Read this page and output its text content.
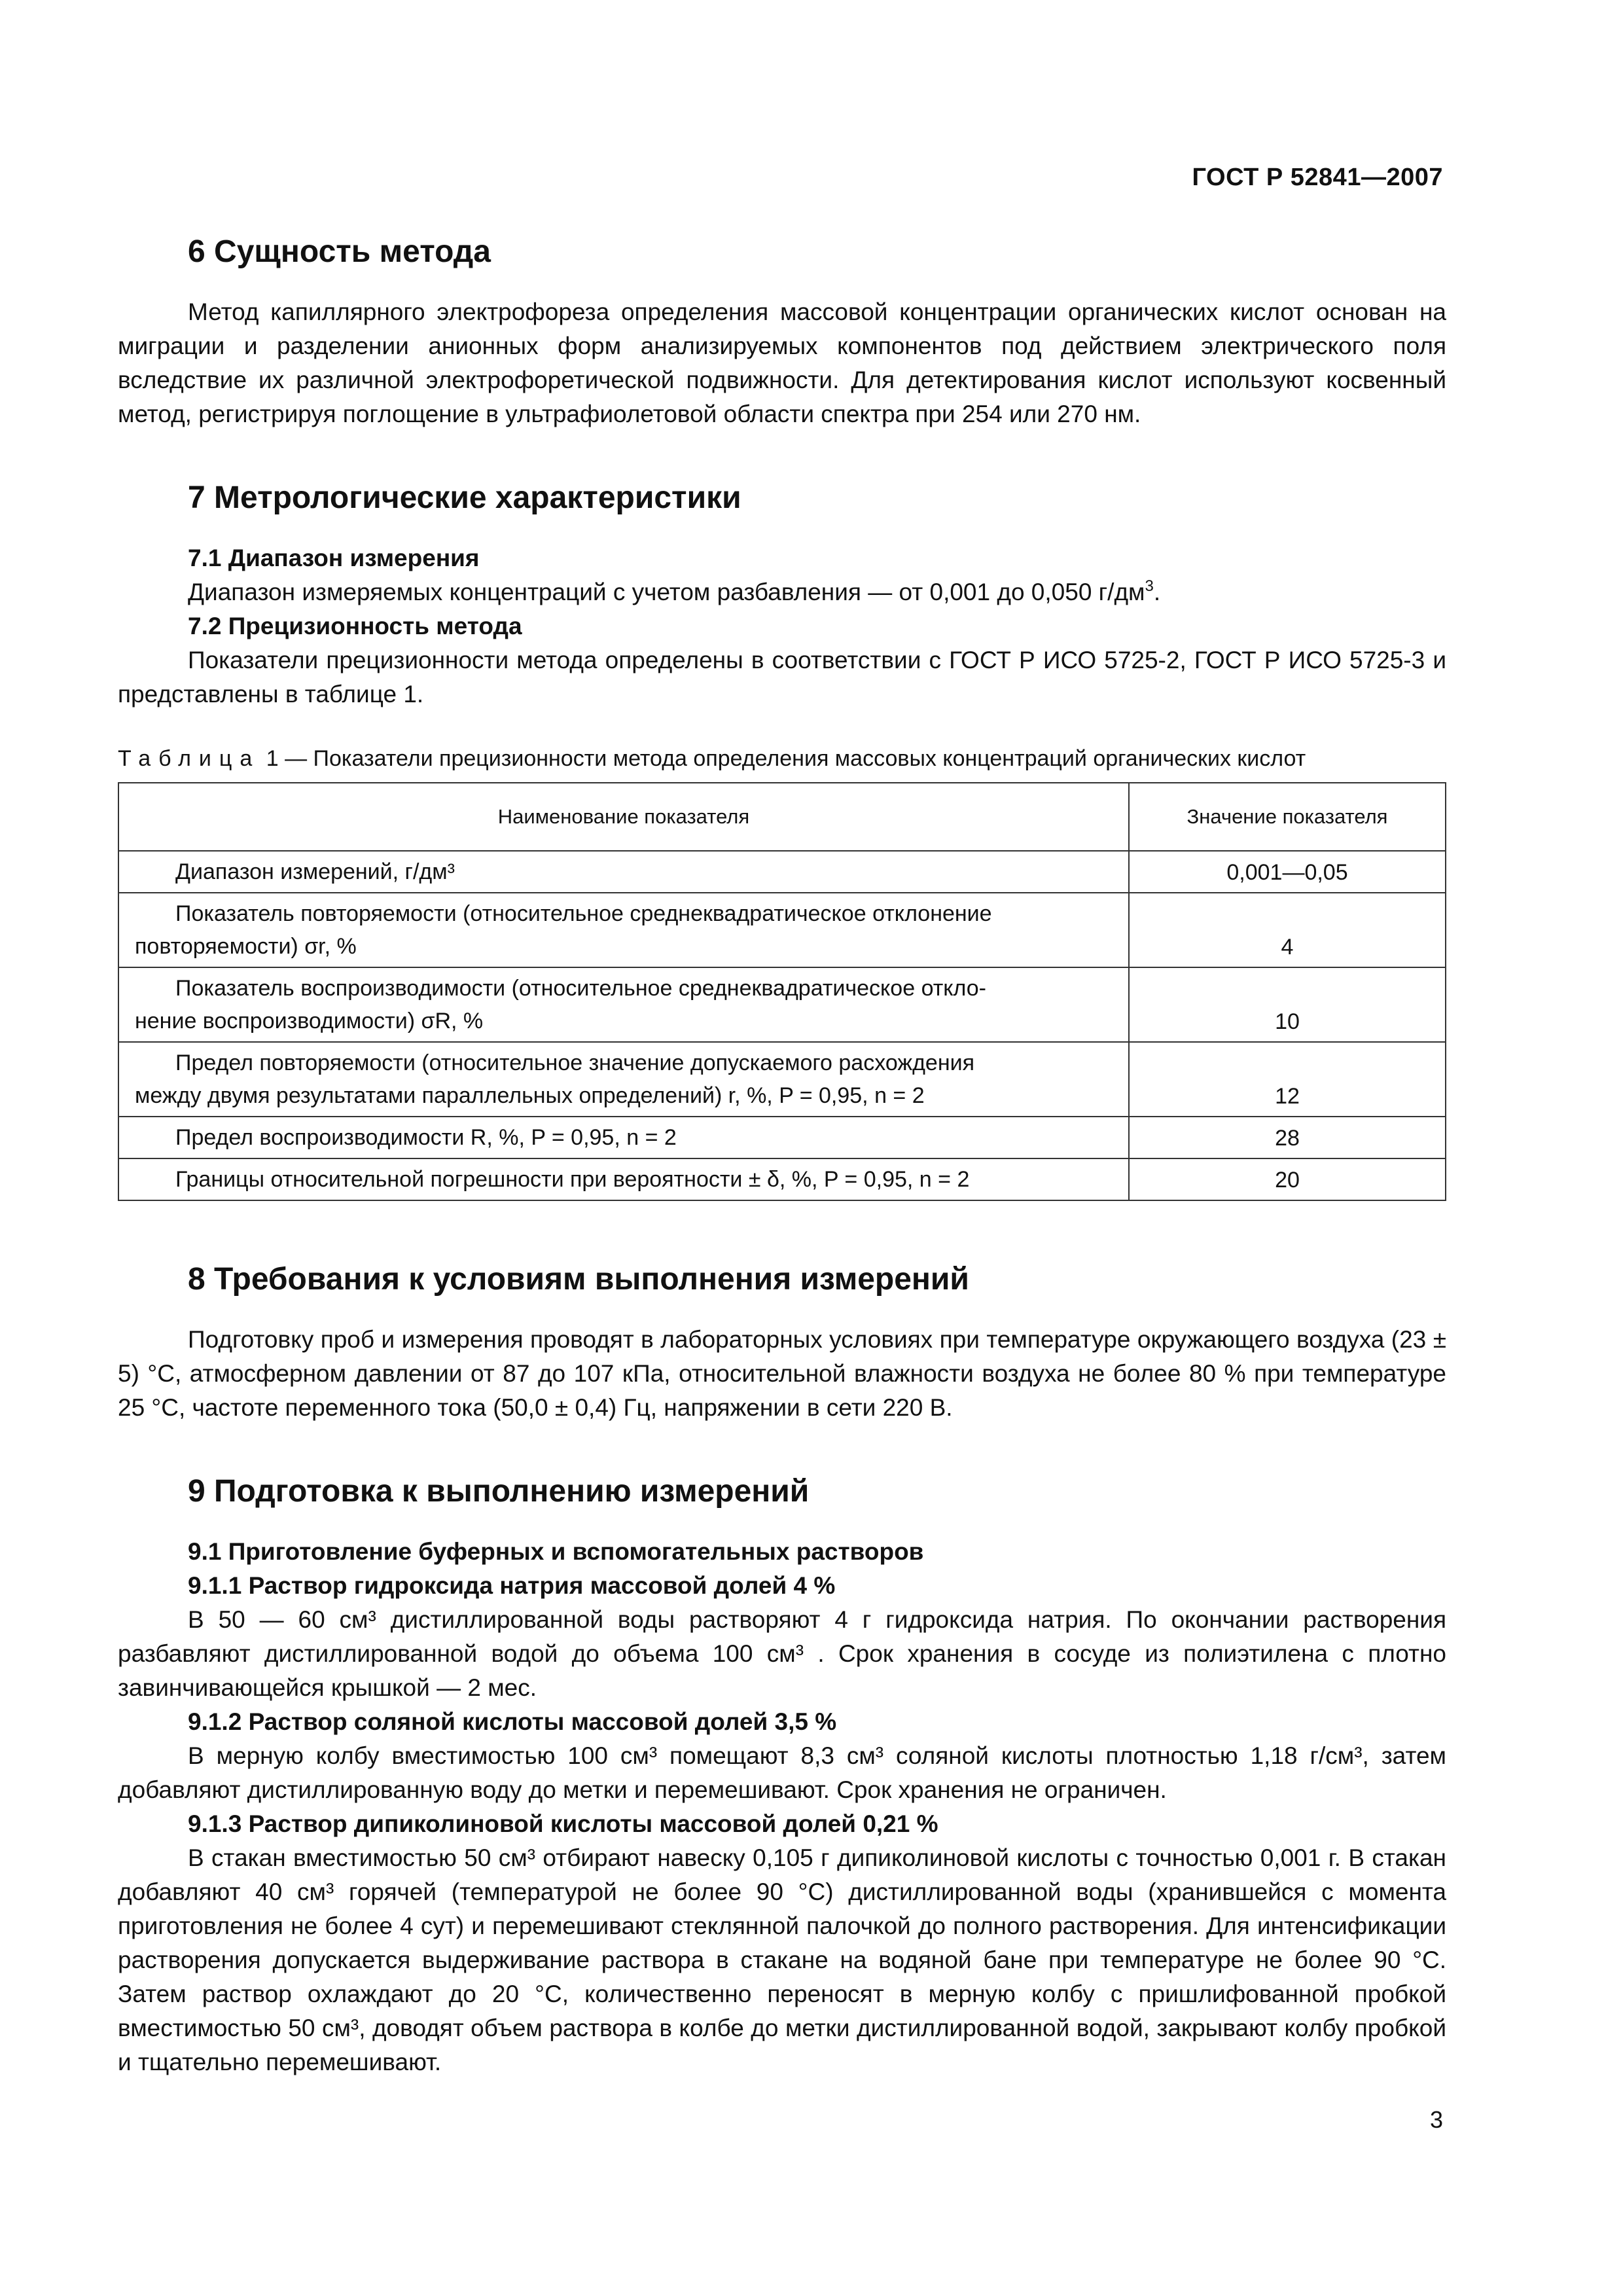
ГОСТ Р 52841—2007
6 Сущность метода

Метод капиллярного электрофореза определения массовой концентрации органических кислот основан на миграции и разделении анионных форм анализируемых компонентов под действием электрического поля вследствие их различной электрофоретической подвижности. Для детектирования кислот используют косвенный метод, регистрируя поглощение в ультрафиолетовой области спектра при 254 или 270 нм.

7 Метрологические характеристики
7.1 Диапазон измерения

Диапазон измеряемых концентраций с учетом разбавления — от 0,001 до 0,050 $г/дм^3$.

7.2 Прецизионность метода

Показатели прецизионности метода определены в соответствии с ГОСТ Р ИСО 5725-2, ГОСТ Р ИСО 5725-3 и представлены в таблице 1.

Таблица 1 — Показатели прецизионности метода определения массовых концентраций органических кислот
Наименование показателя	Значение показателя

Диапазон измерений, г/дм³	0,001—0,05

Показатель повторяемости (относительное среднеквадратическое отклонение
повторяемости) σr, %	4

Показатель воспроизводимости (относительное среднеквадратическое откло-
нение воспроизводимости) σR, %	10

Предел повторяемости (относительное значение допускаемого расхождения
между двумя результатами параллельных определений) r, %, P = 0,95, n = 2	12

Предел воспроизводимости R, %, P = 0,95, n = 2	28

Границы относительной погрешности при вероятности ± δ, %, P = 0,95, n = 2	20
8 Требования к условиям выполнения измерений

Подготовку проб и измерения проводят в лабораторных условиях при температуре окружающего воздуха (23 ± 5) °С, атмосферном давлении от 87 до 107 кПа, относительной влажности воздуха не более 80 % при температуре 25 °С, частоте переменного тока (50,0 ± 0,4) Гц, напряжении в сети 220 В.

9 Подготовка к выполнению измерений
9.1 Приготовление буферных и вспомогательных растворов
9.1.1 Раствор гидроксида натрия массовой долей 4 %

В 50 — 60 см³ дистиллированной воды растворяют 4 г гидроксида натрия. По окончании растворения разбавляют дистиллированной водой до объема 100 см³ . Срок хранения в сосуде из полиэтилена с плотно завинчивающейся крышкой — 2 мес.

9.1.2 Раствор соляной кислоты массовой долей 3,5 %

В мерную колбу вместимостью 100 см³ помещают 8,3 см³ соляной кислоты плотностью 1,18 г/см³, затем добавляют дистиллированную воду до метки и перемешивают. Срок хранения не ограничен.

9.1.3 Раствор дипиколиновой кислоты массовой долей 0,21 %

В стакан вместимостью 50 см³ отбирают навеску 0,105 г дипиколиновой кислоты с точностью 0,001 г. В стакан добавляют 40 см³ горячей (температурой не более 90 °С) дистиллированной воды (хранившейся с момента приготовления не более 4 сут) и перемешивают стеклянной палочкой до полного растворения. Для интенсификации растворения допускается выдерживание раствора в стакане на водяной бане при температуре не более 90 °С. Затем раствор охлаждают до 20 °С, количественно переносят в мерную колбу с пришлифованной пробкой вместимостью 50 см³, доводят объем раствора в колбе до метки дистиллированной водой, закрывают колбу пробкой и тщательно перемешивают.

3
